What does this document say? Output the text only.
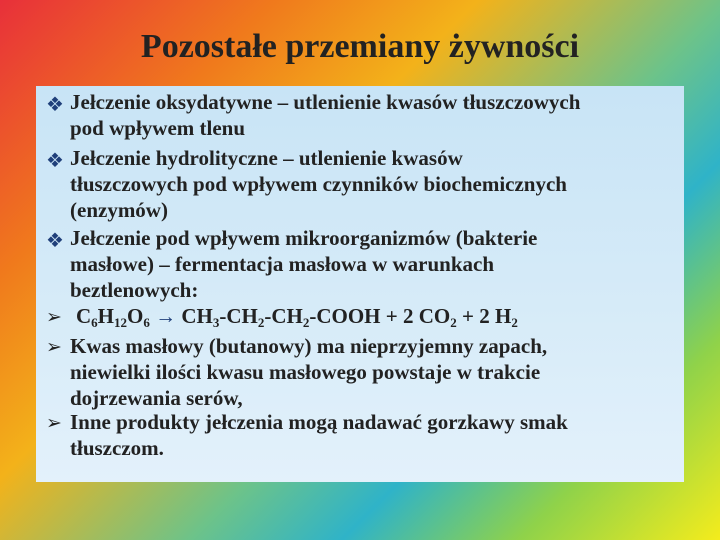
Pozostałe przemiany żywności
❖ Jełczenie oksydatywne – utlenienie kwasów tłuszczowych
pod wpływem tlenu
❖ Jełczenie hydrolityczne – utlenienie kwasów
tłuszczowych pod wpływem czynników biochemicznych
(enzymów)
❖ Jełczenie pod wpływem mikroorganizmów (bakterie
masłowe) – fermentacja masłowa w warunkach
beztlenowych:
➢ $C_6H_{12}O_6$ → $CH_3-CH_2-CH_2$-COOH + 2 $CO_2 + 2$ $H_2$
➢ Kwas masłowy (butanowy) ma nieprzyjemny zapach,
niewielki ilości kwasu masłowego powstaje w trakcie
dojrzewania serów,
➢ Inne produkty jełczenia mogą nadawać gorzkawy smak
tłuszczom.
